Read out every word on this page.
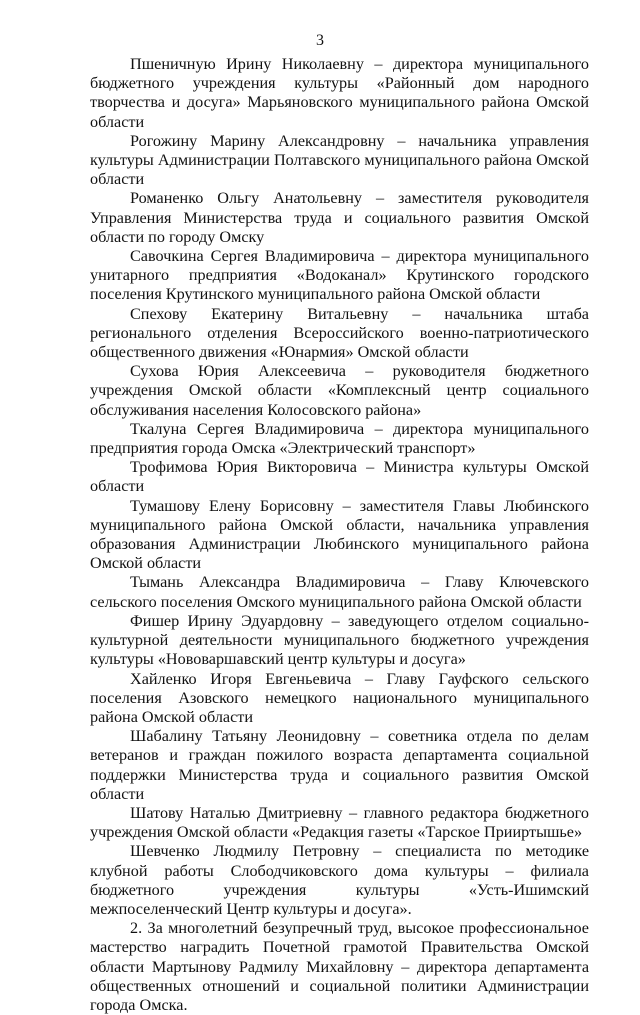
3

Пшеничную Ирину Николаевну – директора муниципального бюджетного учреждения культуры «Районный дом народного творчества и досуга» Марьяновского муниципального района Омской области

Рогожину Марину Александровну – начальника управления культуры Администрации Полтавского муниципального района Омской области

Романенко Ольгу Анатольевну – заместителя руководителя Управления Министерства труда и социального развития Омской области по городу Омску

Савочкина Сергея Владимировича – директора муниципального унитарного предприятия «Водоканал» Крутинского городского поселения Крутинского муниципального района Омской области

Спехову Екатерину Витальевну – начальника штаба регионального отделения Всероссийского военно-патриотического общественного движения «Юнармия» Омской области

Сухова Юрия Алексеевича – руководителя бюджетного учреждения Омской области «Комплексный центр социального обслуживания населения Колосовского района»

Ткалуна Сергея Владимировича – директора муниципального предприятия города Омска «Электрический транспорт»

Трофимова Юрия Викторовича – Министра культуры Омской области

Тумашову Елену Борисовну – заместителя Главы Любинского муниципального района Омской области, начальника управления образования Администрации Любинского муниципального района Омской области

Тымань Александра Владимировича – Главу Ключевского сельского поселения Омского муниципального района Омской области

Фишер Ирину Эдуардовну – заведующего отделом социально-культурной деятельности муниципального бюджетного учреждения культуры «Нововаршавский центр культуры и досуга»

Хайленко Игоря Евгеньевича – Главу Гауфского сельского поселения Азовского немецкого национального муниципального района Омской области

Шабалину Татьяну Леонидовну – советника отдела по делам ветеранов и граждан пожилого возраста департамента социальной поддержки Министерства труда и социального развития Омской области

Шатову Наталью Дмитриевну – главного редактора бюджетного учреждения Омской области «Редакция газеты «Тарское Прииртышье»

Шевченко Людмилу Петровну – специалиста по методике клубной работы Слободчиковского дома культуры – филиала бюджетного учреждения культуры «Усть-Ишимский межпоселенческий Центр культуры и досуга».

2. За многолетний безупречный труд, высокое профессиональное мастерство наградить Почетной грамотой Правительства Омской области Мартынову Радмилу Михайловну – директора департамента общественных отношений и социальной политики Администрации города Омска.
